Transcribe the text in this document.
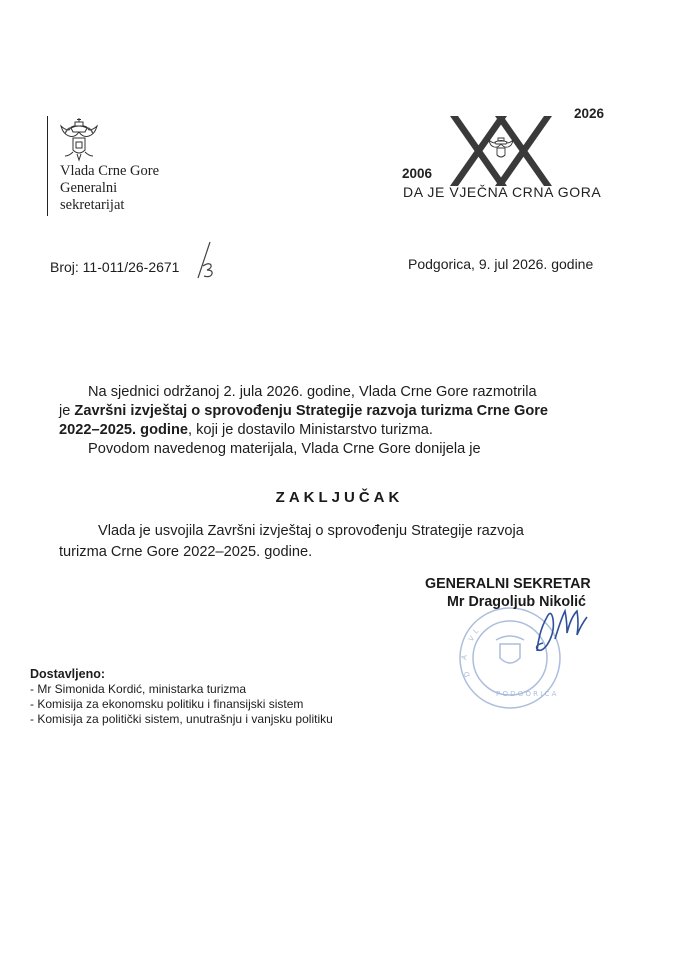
Vlada Crne Gore
Generalni
sekretarijat
2026
2006
DA JE VJEČNA CRNA GORA
Broj: 11-011/26-2671	Podgorica, 9. jul 2026. godine
Na sjednici održanoj 2. jula 2026. godine, Vlada Crne Gore razmotrila
je Završni izvještaj o sprovođenju Strategije razvoja turizma Crne Gore
2022–2025. godine, koji je dostavilo Ministarstvo turizma.
Povodom navedenog materijala, Vlada Crne Gore donijela je
ZAKLJUČAK
Vlada je usvojila Završni izvještaj o sprovođenju Strategije razvoja
turizma Crne Gore 2022–2025. godine.
V
L
A
D
P O D G O R I C A
GENERALNI SEKRETAR
Mr Dragoljub Nikolić
Dostavljeno:
- Mr Simonida Kordić, ministarka turizma
- Komisija za ekonomsku politiku i finansijski sistem
- Komisija za politički sistem, unutrašnju i vanjsku politiku
